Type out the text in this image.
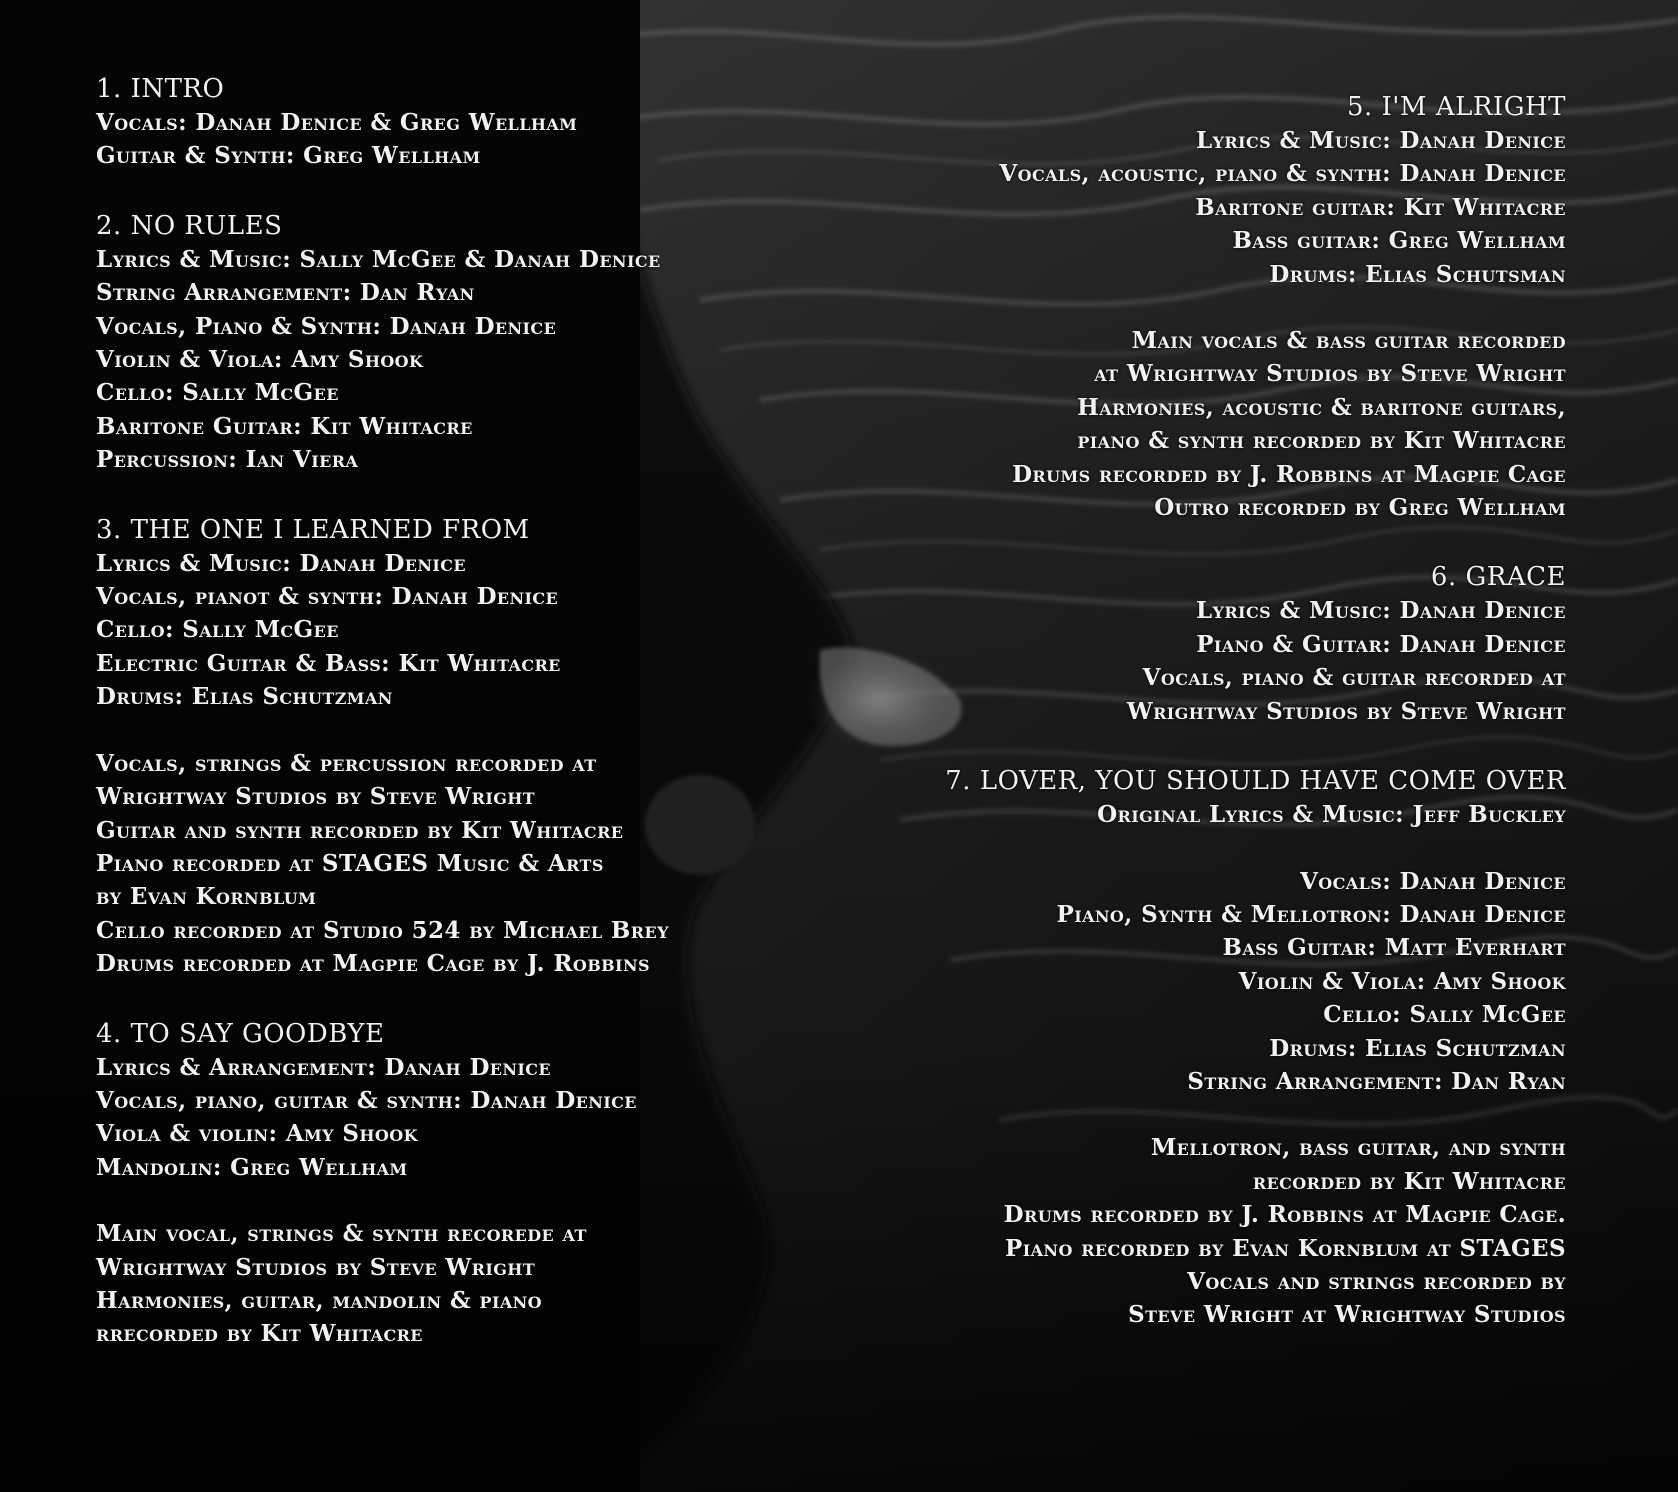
1. INTRO
Vocals: Danah Denice & Greg Wellham
Guitar & Synth: Greg Wellham
2. NO RULES
Lyrics & Music: Sally McGee & Danah Denice
String Arrangement: Dan Ryan
Vocals, Piano & Synth: Danah Denice
Violin & Viola: Amy Shook
Cello: Sally McGee
Baritone Guitar: Kit Whitacre
Percussion: Ian Viera
3. THE ONE I LEARNED FROM
Lyrics & Music: Danah Denice
Vocals, pianot & synth: Danah Denice
Cello: Sally McGee
Electric Guitar & Bass: Kit Whitacre
Drums: Elias Schutzman
Vocals, strings & percussion recorded at
Wrightway Studios by Steve Wright
Guitar and synth recorded by Kit Whitacre
Piano recorded at STAGES Music & Arts
by Evan Kornblum
Cello recorded at Studio 524 by Michael Brey
Drums recorded at Magpie Cage by J. Robbins
4. TO SAY GOODBYE
Lyrics & Arrangement: Danah Denice
Vocals, piano, guitar & synth: Danah Denice
Viola & violin: Amy Shook
Mandolin: Greg Wellham
Main vocal, strings & synth recorede at
Wrightway Studios by Steve Wright
Harmonies, guitar, mandolin & piano
rrecorded by Kit Whitacre
5. I'M ALRIGHT
Lyrics & Music: Danah Denice
Vocals, acoustic, piano & synth: Danah Denice
Baritone guitar: Kit Whitacre
Bass guitar: Greg Wellham
Drums: Elias Schutsman
Main vocals & bass guitar recorded
at Wrightway Studios by Steve Wright
Harmonies, acoustic & baritone guitars,
piano & synth recorded by Kit Whitacre
Drums recorded by J. Robbins at Magpie Cage
Outro recorded by Greg Wellham
6. GRACE
Lyrics & Music: Danah Denice
Piano & Guitar: Danah Denice
Vocals, piano & guitar recorded at
Wrightway Studios by Steve Wright
7. LOVER, YOU SHOULD HAVE COME OVER
Original Lyrics & Music: Jeff Buckley
Vocals: Danah Denice
Piano, Synth & Mellotron: Danah Denice
Bass Guitar: Matt Everhart
Violin & Viola: Amy Shook
Cello: Sally McGee
Drums: Elias Schutzman
String Arrangement: Dan Ryan
Mellotron, bass guitar, and synth
recorded by Kit Whitacre
Drums recorded by J. Robbins at Magpie Cage.
Piano recorded by Evan Kornblum at STAGES
Vocals and strings recorded by
Steve Wright at Wrightway Studios
